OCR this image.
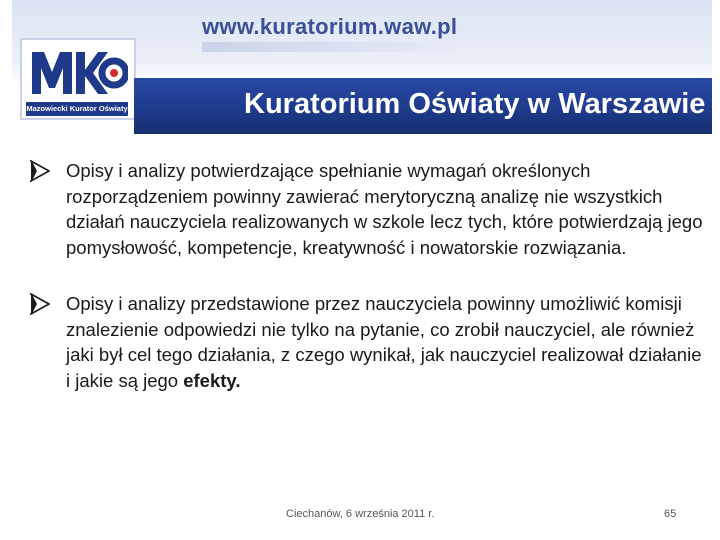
www.kuratorium.waw.pl
Mazowiecki Kurator Oświaty	Kuratorium Oświaty w Warszawie
Opisy i analizy potwierdzające spełnianie wymagań określonych rozporządzeniem powinny zawierać merytoryczną analizę nie wszystkich działań nauczyciela realizowanych w szkole lecz tych, które potwierdzają jego pomysłowość, kompetencje, kreatywność i nowatorskie rozwiązania.
Opisy i analizy przedstawione przez nauczyciela powinny umożliwić komisji znalezienie odpowiedzi nie tylko na pytanie, co zrobił nauczyciel, ale również jaki był cel tego działania, z czego wynikał, jak nauczyciel realizował działanie i jakie są jego efekty.
Ciechanów, 6 września 2011 r.	65
